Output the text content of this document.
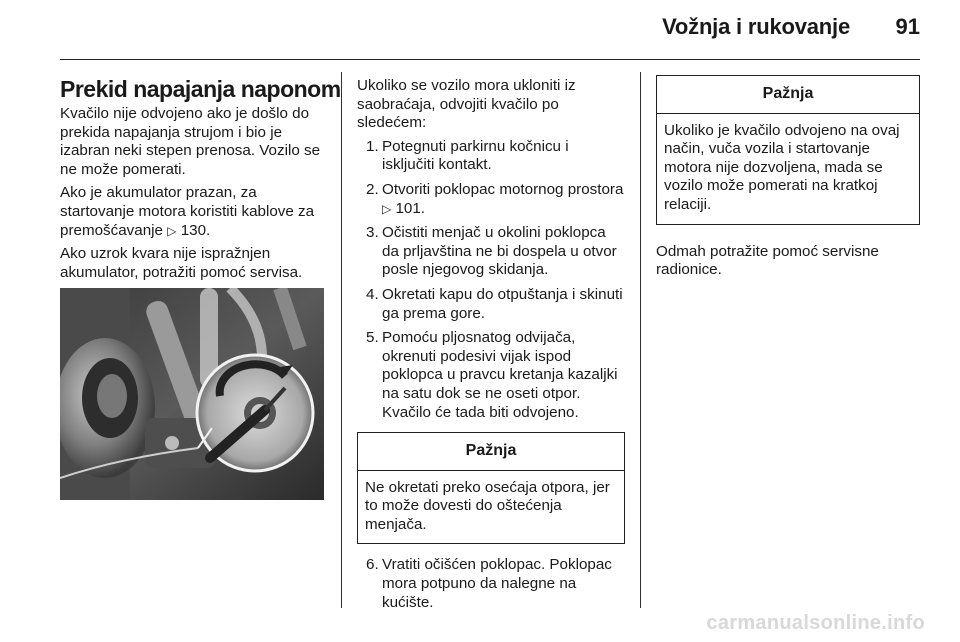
Vožnja i rukovanje	91
Prekid napajanja naponom

Kvačilo nije odvojeno ako je došlo do prekida napajanja strujom i bio je izabran neki stepen prenosa. Vozilo se ne može pomerati.

Ako je akumulator prazan, za startovanje motora koristiti kablove za premošćavanje ▷ 130.

Ako uzrok kvara nije ispražnjen akumulator, potražiti pomoć servisa.

Ukoliko se vozilo mora ukloniti iz saobraćaja, odvojiti kvačilo po sledećem:

1. Potegnuti parkirnu kočnicu i isključiti kontakt.
2. Otvoriti poklopac motornog prostora ▷ 101.
3. Očistiti menjač u okolini poklopca da prljavština ne bi dospela u otvor posle njegovog skidanja.
4. Okretati kapu do otpuštanja i skinuti ga prema gore.
5. Pomoću pljosnatog odvijača, okrenuti podesivi vijak ispod poklopca u pravcu kretanja kazaljki na satu dok se ne oseti otpor. Kvačilo će tada biti odvojeno.
Pažnja
Ne okretati preko osećaja otpora, jer to može dovesti do oštećenja menjača.
6. Vratiti očišćen poklopac. Poklopac mora potpuno da nalegne na kućište.
Pažnja
Ukoliko je kvačilo odvojeno na ovaj način, vuča vozila i startovanje motora nije dozvoljena, mada se vozilo može pomerati na kratkoj relaciji.

Odmah potražite pomoć servisne radionice.

carmanualsonline.info
